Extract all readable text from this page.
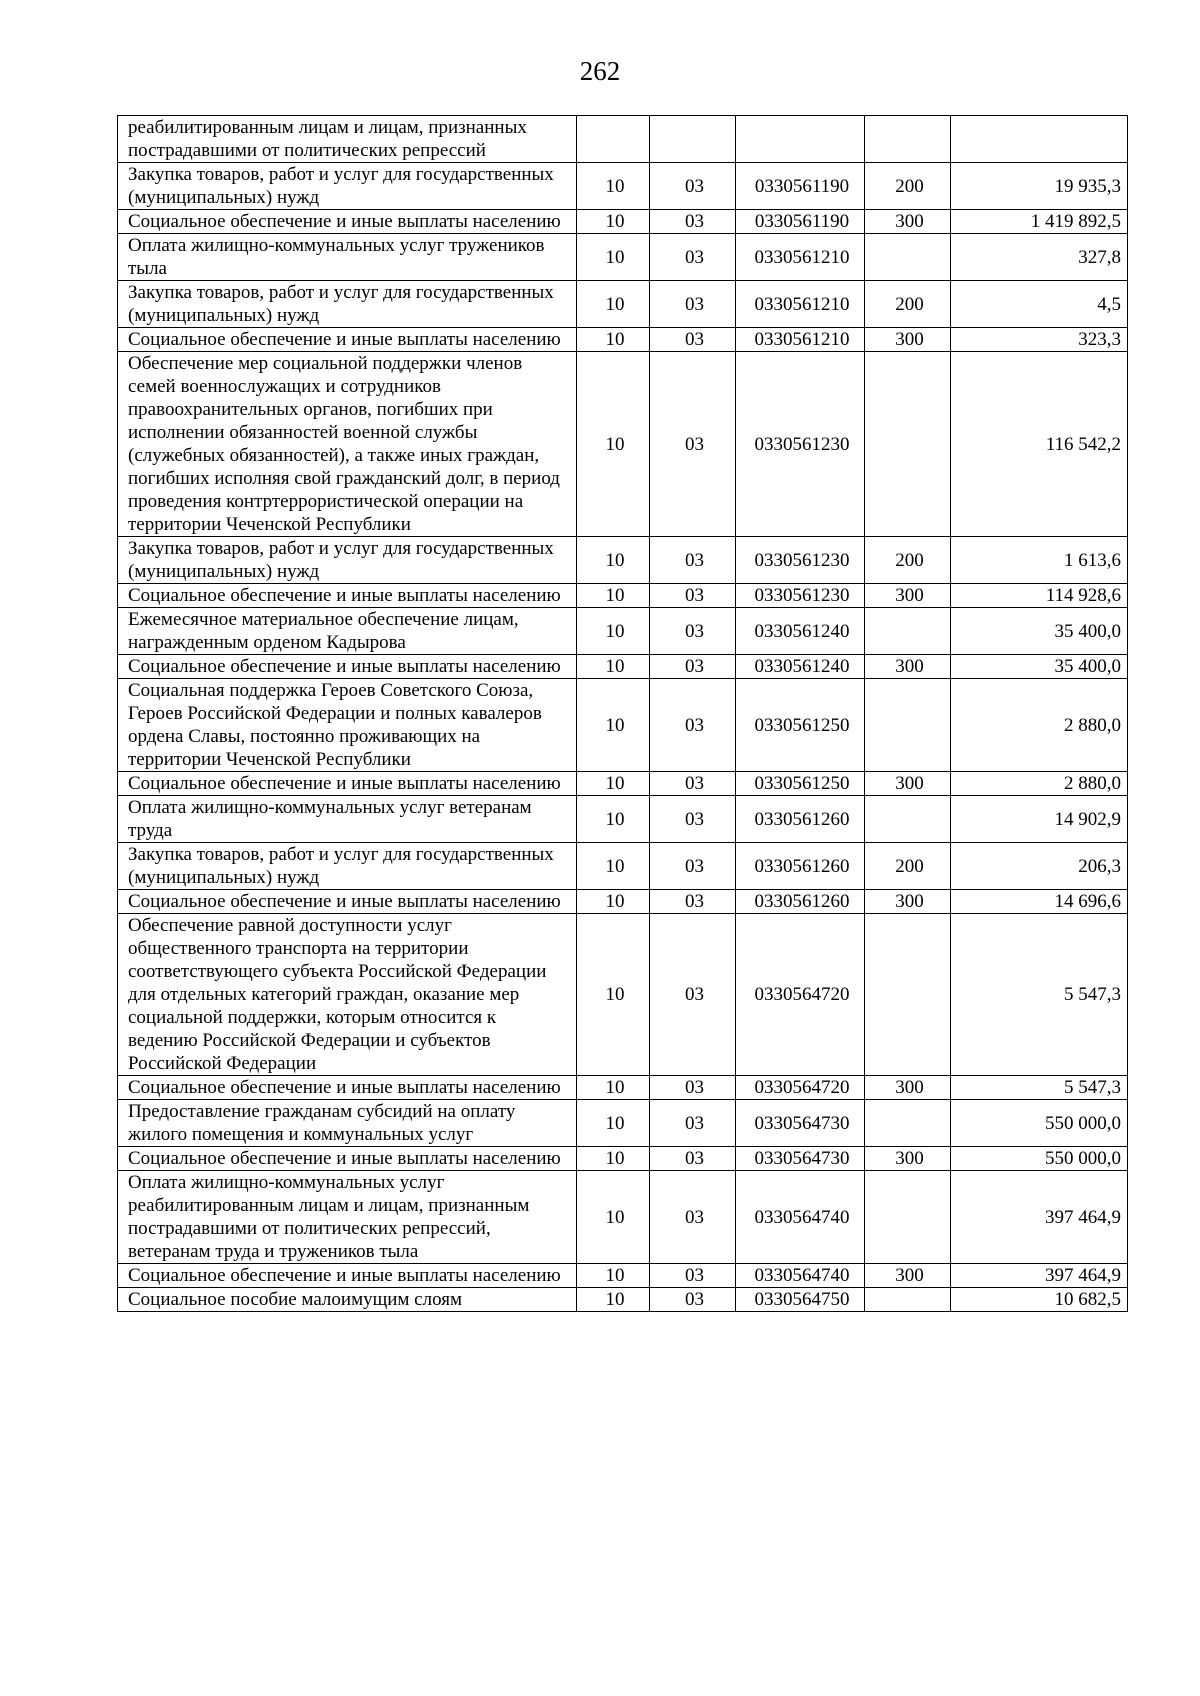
262
реабилитированным лицам и лицам, признанных пострадавшими от политических репрессий					
Закупка товаров, работ и услуг для государственных (муниципальных) нужд	10	03	0330561190	200	19 935,3
Социальное обеспечение и иные выплаты населению	10	03	0330561190	300	1 419 892,5
Оплата жилищно-коммунальных услуг тружеников тыла	10	03	0330561210		327,8
Закупка товаров, работ и услуг для государственных (муниципальных) нужд	10	03	0330561210	200	4,5
Социальное обеспечение и иные выплаты населению	10	03	0330561210	300	323,3
Обеспечение мер социальной поддержки членов семей военнослужащих и сотрудников правоохранительных органов, погибших при исполнении обязанностей военной службы (служебных обязанностей), а также иных граждан, погибших исполняя свой гражданский долг, в период проведения контртеррористической операции на территории Чеченской Республики	10	03	0330561230		116 542,2
Закупка товаров, работ и услуг для государственных (муниципальных) нужд	10	03	0330561230	200	1 613,6
Социальное обеспечение и иные выплаты населению	10	03	0330561230	300	114 928,6
Ежемесячное материальное обеспечение лицам, награжденным орденом Кадырова	10	03	0330561240		35 400,0
Социальное обеспечение и иные выплаты населению	10	03	0330561240	300	35 400,0
Социальная поддержка Героев Советского Союза, Героев Российской Федерации и полных кавалеров ордена Славы, постоянно проживающих на территории Чеченской Республики	10	03	0330561250		2 880,0
Социальное обеспечение и иные выплаты населению	10	03	0330561250	300	2 880,0
Оплата жилищно-коммунальных услуг ветеранам труда	10	03	0330561260		14 902,9
Закупка товаров, работ и услуг для государственных (муниципальных) нужд	10	03	0330561260	200	206,3
Социальное обеспечение и иные выплаты населению	10	03	0330561260	300	14 696,6
Обеспечение равной доступности услуг общественного транспорта на территории соответствующего субъекта Российской Федерации для отдельных категорий граждан, оказание мер социальной поддержки, которым относится к ведению Российской Федерации и субъектов Российской Федерации	10	03	0330564720		5 547,3
Социальное обеспечение и иные выплаты населению	10	03	0330564720	300	5 547,3
Предоставление гражданам субсидий на оплату жилого помещения и коммунальных услуг	10	03	0330564730		550 000,0
Социальное обеспечение и иные выплаты населению	10	03	0330564730	300	550 000,0
Оплата жилищно-коммунальных услуг реабилитированным лицам и лицам, признанным пострадавшими от политических репрессий, ветеранам труда и тружеников тыла	10	03	0330564740		397 464,9
Социальное обеспечение и иные выплаты населению	10	03	0330564740	300	397 464,9
Социальное пособие малоимущим слоям	10	03	0330564750		10 682,5
